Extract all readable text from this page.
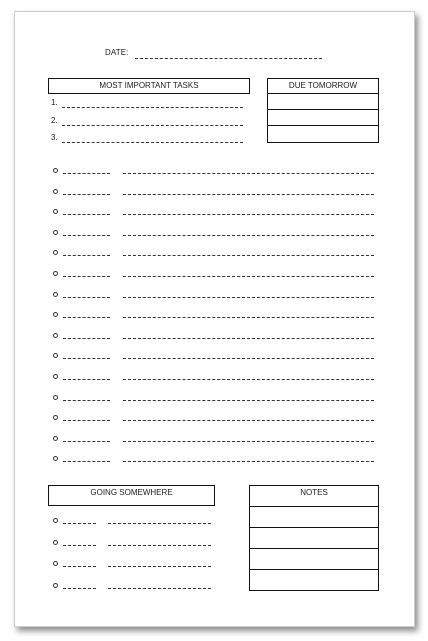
DATE:
MOST IMPORTANT TASKS
1.
2.
3.
DUE TOMORROW
GOING SOMEWHERE	NOTES
